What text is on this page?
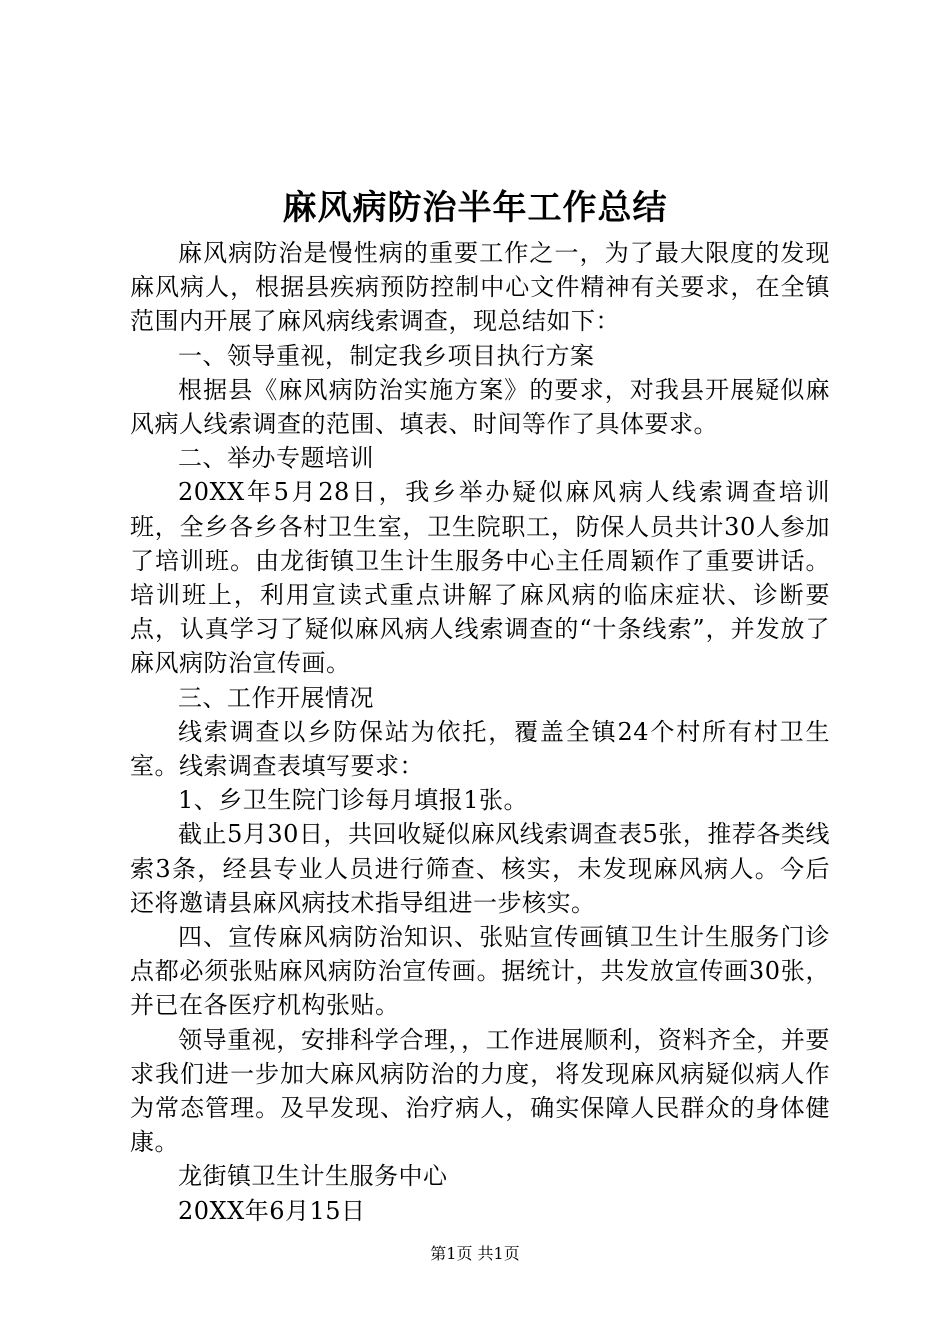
麻风病防治半年工作总结

麻风病防治是慢性病的重要工作之一，为了最大限度的发现麻风病人，根据县疾病预防控制中心文件精神有关要求，在全镇范围内开展了麻风病线索调查，现总结如下：

一、领导重视，制定我乡项目执行方案

根据县《麻风病防治实施方案》的要求，对我县开展疑似麻风病人线索调查的范围、填表、时间等作了具体要求。

二、举办专题培训

20XX年5月28日，我乡举办疑似麻风病人线索调查培训班，全乡各乡各村卫生室，卫生院职工，防保人员共计30人参加了培训班。由龙街镇卫生计生服务中心主任周颖作了重要讲话。培训班上，利用宣读式重点讲解了麻风病的临床症状、诊断要点，认真学习了疑似麻风病人线索调查的“十条线索”，并发放了麻风病防治宣传画。

三、工作开展情况

线索调查以乡防保站为依托，覆盖全镇24个村所有村卫生室。线索调查表填写要求：

1、乡卫生院门诊每月填报1张。

截止5月30日，共回收疑似麻风线索调查表5张，推荐各类线索3条，经县专业人员进行筛查、核实，未发现麻风病人。今后还将邀请县麻风病技术指导组进一步核实。

四、宣传麻风病防治知识、张贴宣传画镇卫生计生服务门诊点都必须张贴麻风病防治宣传画。据统计，共发放宣传画30张，并已在各医疗机构张贴。

领导重视，安排科学合理，，工作进展顺利，资料齐全，并要求我们进一步加大麻风病防治的力度，将发现麻风病疑似病人作为常态管理。及早发现、治疗病人，确实保障人民群众的身体健康。

龙街镇卫生计生服务中心

20XX年6月15日

第1页 共1页
